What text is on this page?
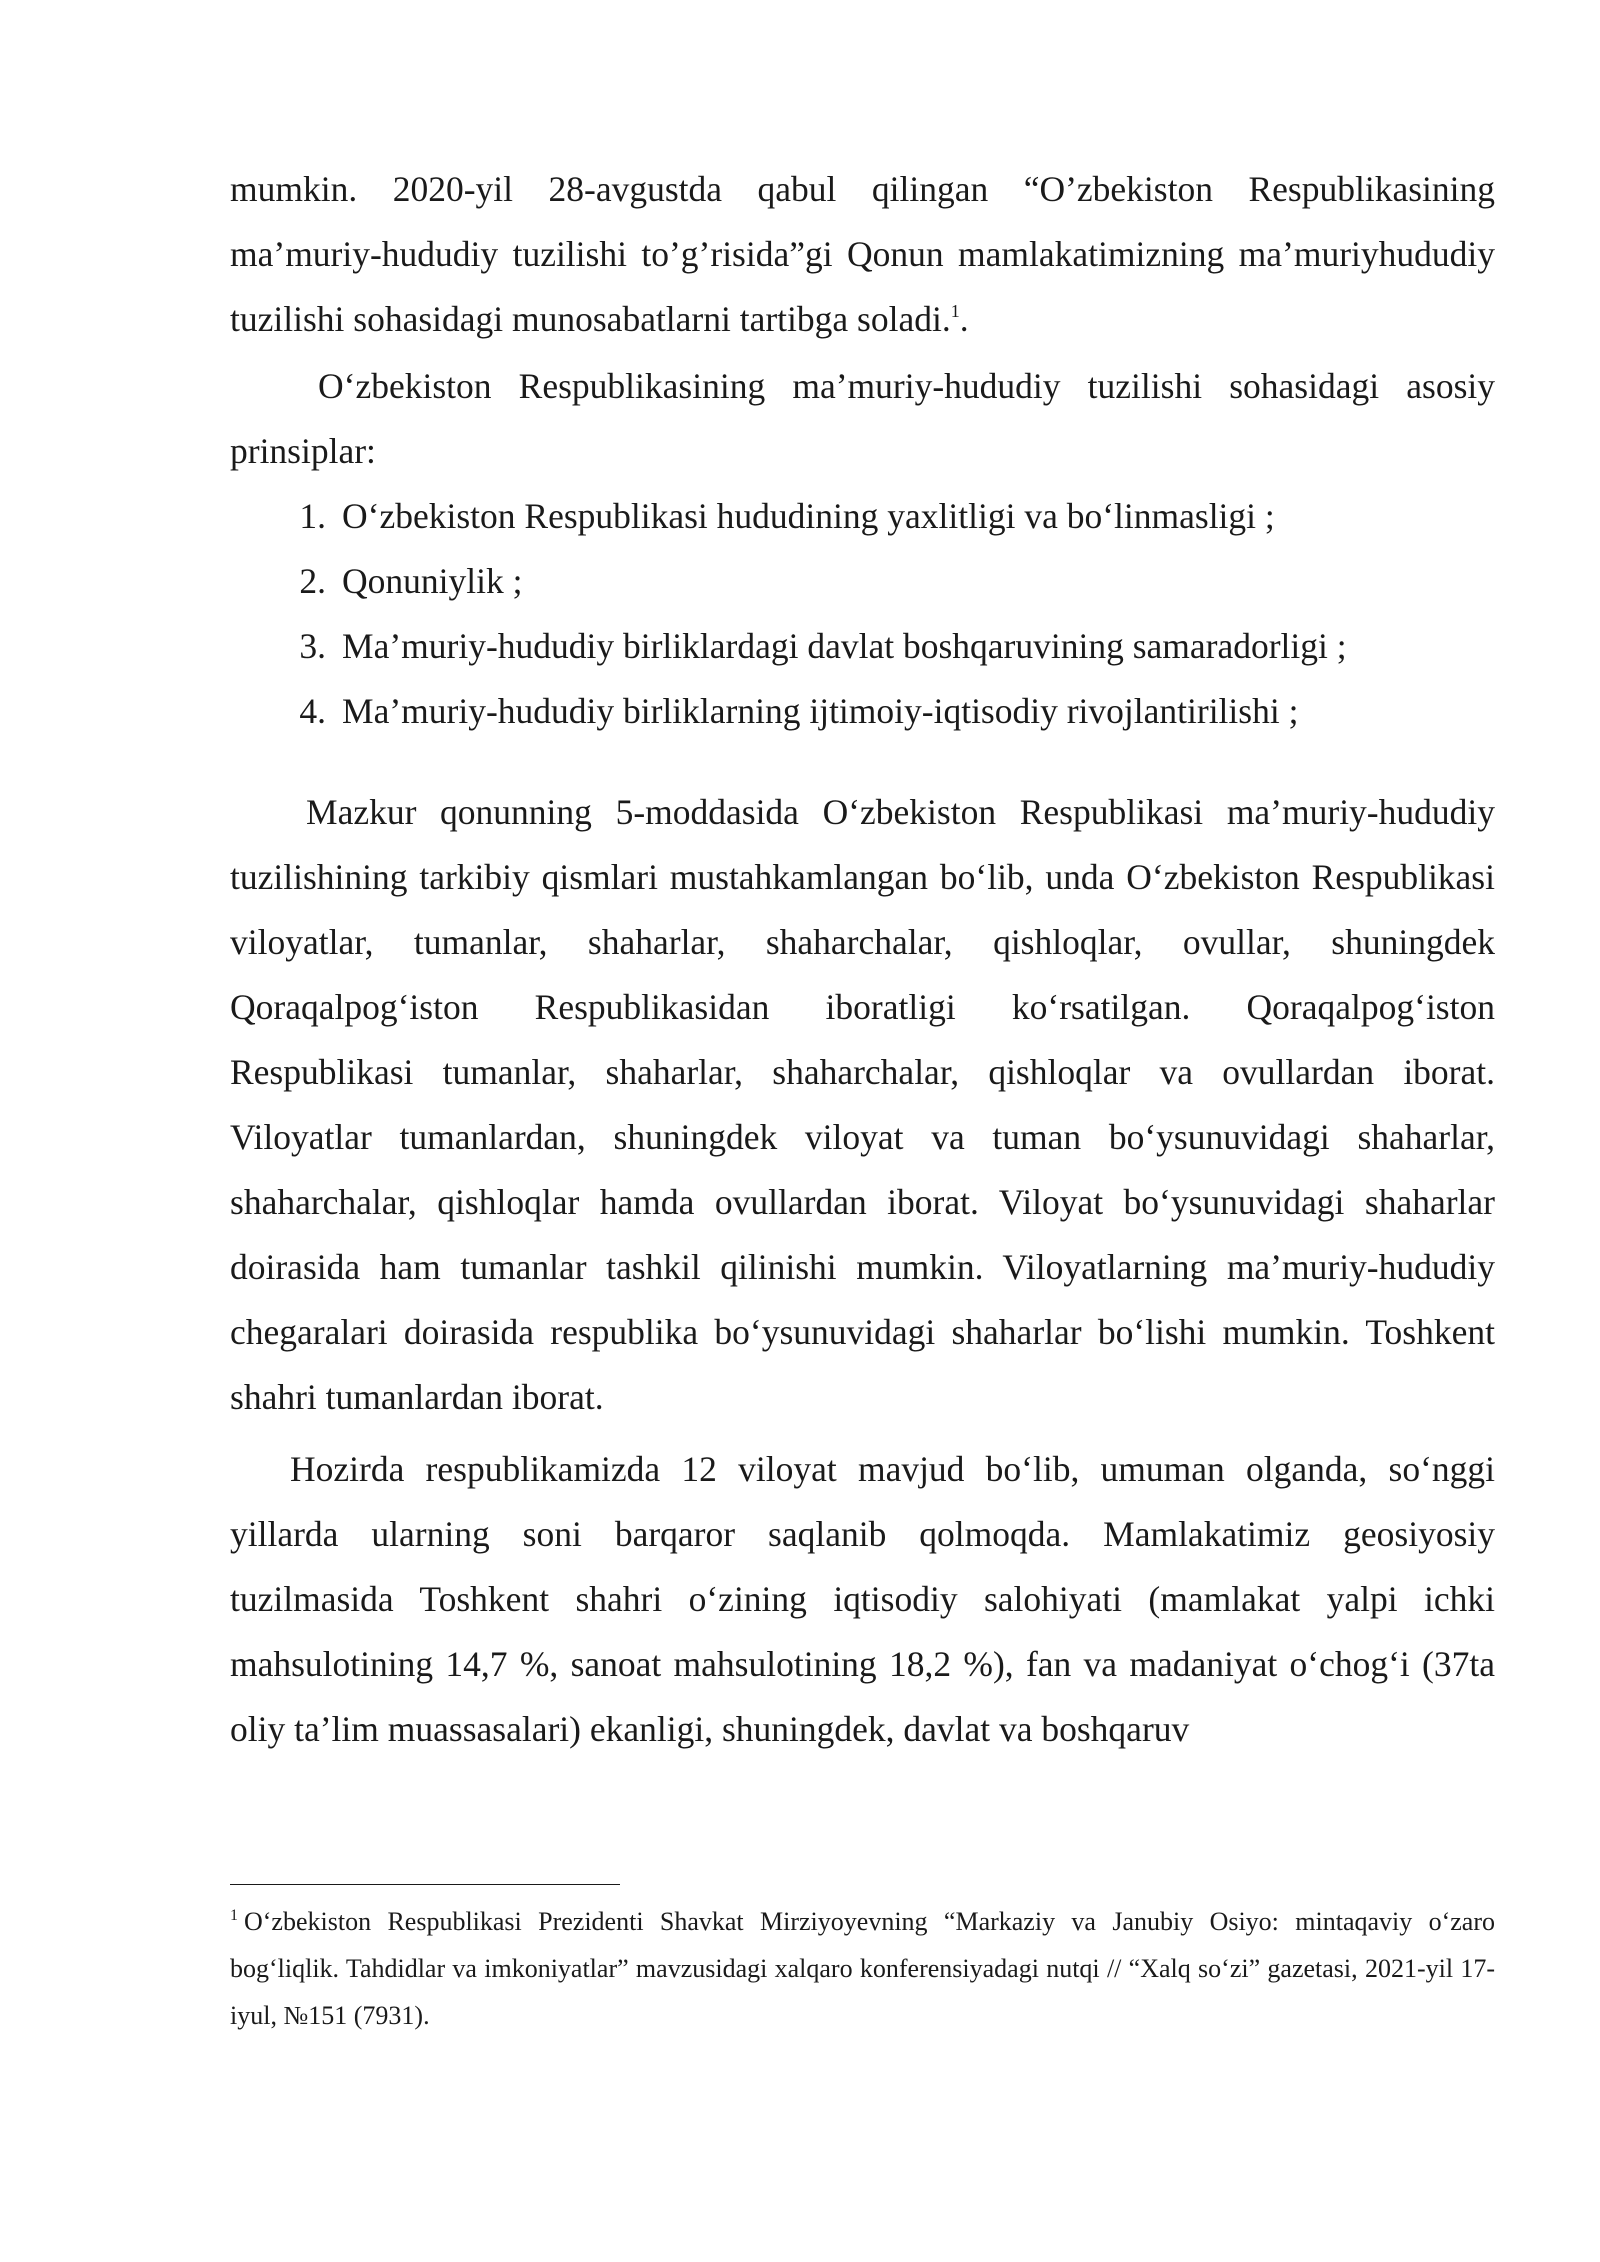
mumkin. 2020-yil 28-avgustda qabul qilingan “O’zbekiston Respublikasining ma’muriy-hududiy tuzilishi to’g’risida”gi Qonun mamlakatimizning ma’muriyhududiy tuzilishi sohasidagi munosabatlarni tartibga soladi.$^1$.

O‘zbekiston Respublikasining ma’muriy-hududiy tuzilishi sohasidagi asosiy prinsiplar:

1. O‘zbekiston Respublikasi hududining yaxlitligi va bo‘linmasligi ;
2. Qonuniylik ;
3. Ma’muriy-hududiy birliklardagi davlat boshqaruvining samaradorligi ;
4. Ma’muriy-hududiy birliklarning ijtimoiy-iqtisodiy rivojlantirilishi ;

Mazkur qonunning 5-moddasida O‘zbekiston Respublikasi ma’muriy-hududiy tuzilishining tarkibiy qismlari mustahkamlangan bo‘lib, unda O‘zbekiston Respublikasi viloyatlar, tumanlar, shaharlar, shaharchalar, qishloqlar, ovullar, shuningdek Qoraqalpog‘iston Respublikasidan iboratligi ko‘rsatilgan. Qoraqalpog‘iston Respublikasi tumanlar, shaharlar, shaharchalar, qishloqlar va ovullardan iborat. Viloyatlar tumanlardan, shuningdek viloyat va tuman bo‘ysunuvidagi shaharlar, shaharchalar, qishloqlar hamda ovullardan iborat. Viloyat bo‘ysunuvidagi shaharlar doirasida ham tumanlar tashkil qilinishi mumkin. Viloyatlarning ma’muriy-hududiy chegaralari doirasida respublika bo‘ysunuvidagi shaharlar bo‘lishi mumkin. Toshkent shahri tumanlardan iborat.

Hozirda respublikamizda 12 viloyat mavjud bo‘lib, umuman olganda, so‘nggi yillarda ularning soni barqaror saqlanib qolmoqda. Mamlakatimiz geosiyosiy tuzilmasida Toshkent shahri o‘zining iqtisodiy salohiyati (mamlakat yalpi ichki mahsulotining 14,7 %, sanoat mahsulotining 18,2 %), fan va madaniyat o‘chog‘i (37ta oliy ta’lim muassasalari) ekanligi, shuningdek, davlat va boshqaruv

$^1$ O‘zbekiston Respublikasi Prezidenti Shavkat Mirziyoyevning “Markaziy va Janubiy Osiyo: mintaqaviy o‘zaro bog‘liqlik. Tahdidlar va imkoniyatlar” mavzusidagi xalqaro konferensiyadagi nutqi // “Xalq so‘zi” gazetasi, 2021-yil 17-iyul, №151 (7931).
